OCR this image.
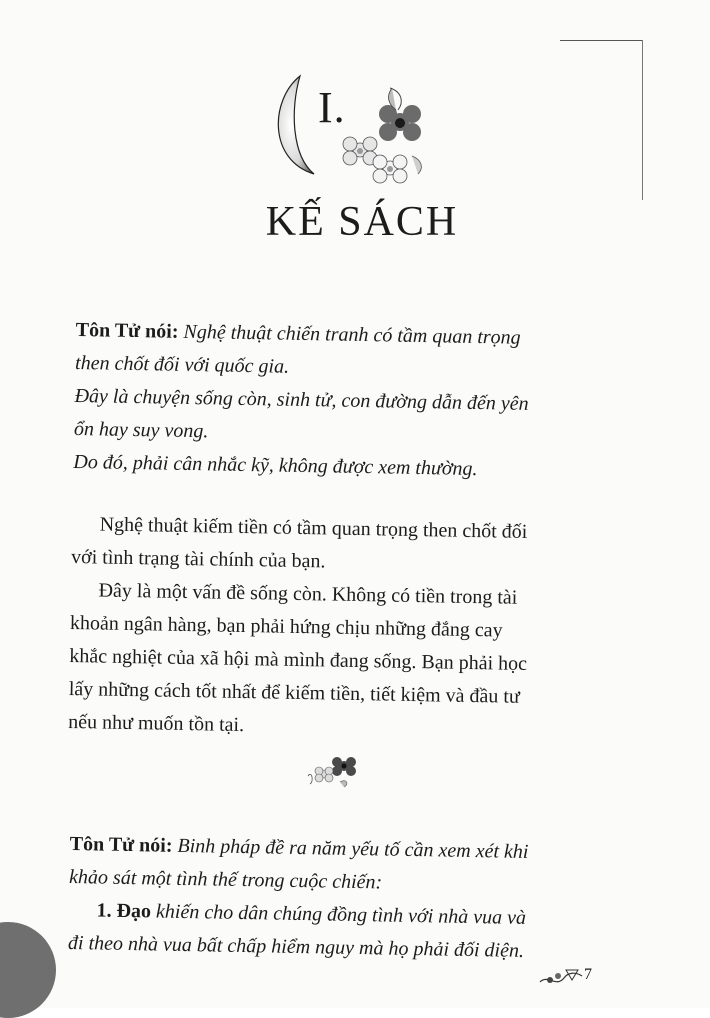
I.
KẾ SÁCH
Tôn Tử nói: Nghệ thuật chiến tranh có tầm quan trọng
then chốt đối với quốc gia.
Đây là chuyện sống còn, sinh tử, con đường dẫn đến yên
ổn hay suy vong.
Do đó, phải cân nhắc kỹ, không được xem thường.
Nghệ thuật kiếm tiền có tầm quan trọng then chốt đối
với tình trạng tài chính của bạn.
Đây là một vấn đề sống còn. Không có tiền trong tài
khoản ngân hàng, bạn phải hứng chịu những đắng cay
khắc nghiệt của xã hội mà mình đang sống. Bạn phải học
lấy những cách tốt nhất để kiếm tiền, tiết kiệm và đầu tư
nếu như muốn tồn tại.
Tôn Tử nói: Binh pháp đề ra năm yếu tố cần xem xét khi
khảo sát một tình thế trong cuộc chiến:
1. Đạo khiến cho dân chúng đồng tình với nhà vua và
đi theo nhà vua bất chấp hiểm nguy mà họ phải đối diện.
7
